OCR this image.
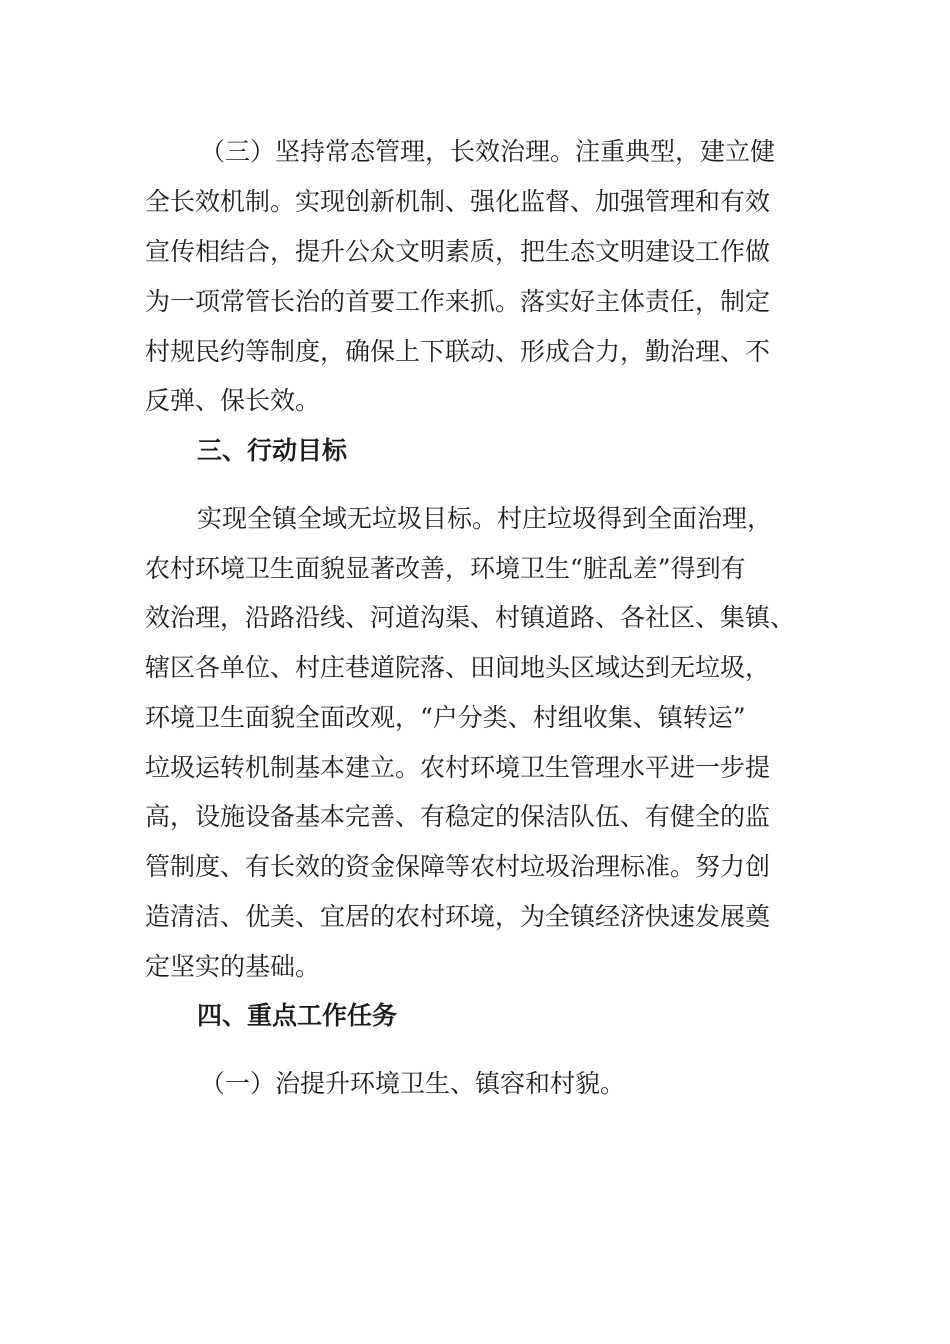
（三）坚持常态管理，长效治理。注重典型，建立健

全长效机制。实现创新机制、强化监督、加强管理和有效

宣传相结合，提升公众文明素质，把生态文明建设工作做

为一项常管长治的首要工作来抓。落实好主体责任，制定

村规民约等制度，确保上下联动、形成合力，勤治理、不

反弹、保长效。

三、行动目标

实现全镇全域无垃圾目标。村庄垃圾得到全面治理，

农村环境卫生面貌显著改善，环境卫生“脏乱差”得到有

效治理，沿路沿线、河道沟渠、村镇道路、各社区、集镇、

辖区各单位、村庄巷道院落、田间地头区域达到无垃圾，

环境卫生面貌全面改观，“户分类、村组收集、镇转运”

垃圾运转机制基本建立。农村环境卫生管理水平进一步提

高，设施设备基本完善、有稳定的保洁队伍、有健全的监

管制度、有长效的资金保障等农村垃圾治理标准。努力创

造清洁、优美、宜居的农村环境，为全镇经济快速发展奠

定坚实的基础。

四、重点工作任务

（一）治提升环境卫生、镇容和村貌。
